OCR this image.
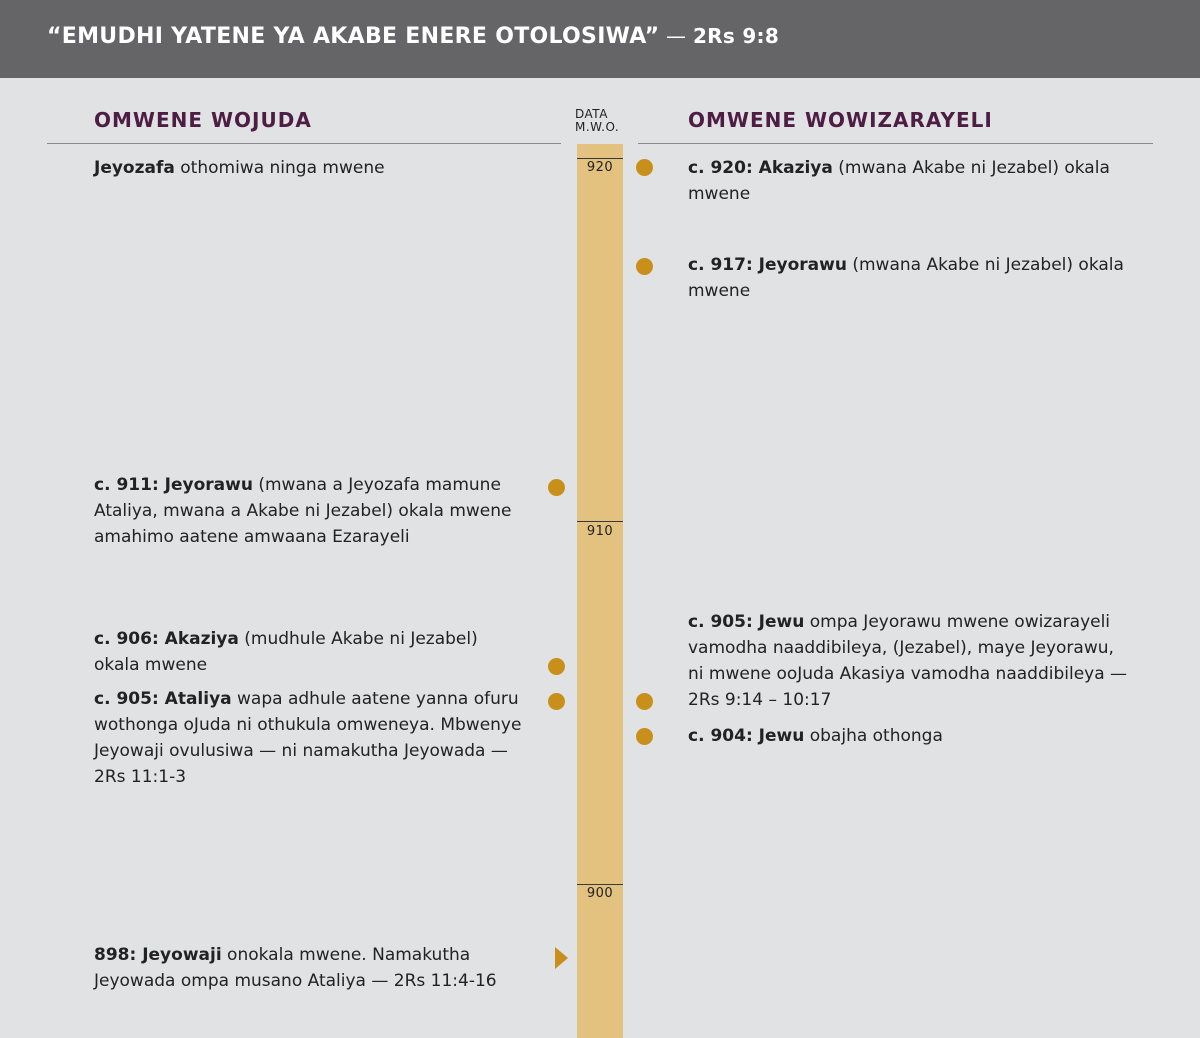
“EMUDHI YATENE YA AKABE ENERE OTOLOSIWA” — 2Rs 9:8
OMWENE WOJUDA	DATA
M.W.O.	OMWENE WOWIZARAYELI
920
910
900
Jeyozafa othomiwa ninga mwene
c. 911: Jeyorawu (mwana a Jeyozafa mamune Ataliya, mwana a Akabe ni Jezabel) okala mwene amahimo aatene amwaana Ezarayeli
c. 906: Akaziya (mudhule Akabe ni Jezabel) okala mwene
c. 905: Ataliya wapa adhule aatene yanna ofuru wothonga oJuda ni othukula omweneya. Mbwenye Jeyowaji ovulusiwa — ni namakutha Jeyowada — 2Rs 11:1-3
898: Jeyowaji onokala mwene. Namakutha Jeyowada ompa musano Ataliya — 2Rs 11:4-16
c. 920: Akaziya (mwana Akabe ni Jezabel) okala mwene
c. 917: Jeyorawu (mwana Akabe ni Jezabel) okala mwene
c. 905: Jewu ompa Jeyorawu mwene owizarayeli vamodha naaddibileya, (Jezabel), maye Jeyorawu, ni mwene ooJuda Akasiya vamodha naaddibileya — 2Rs 9:14 – 10:17
c. 904: Jewu obajha othonga
